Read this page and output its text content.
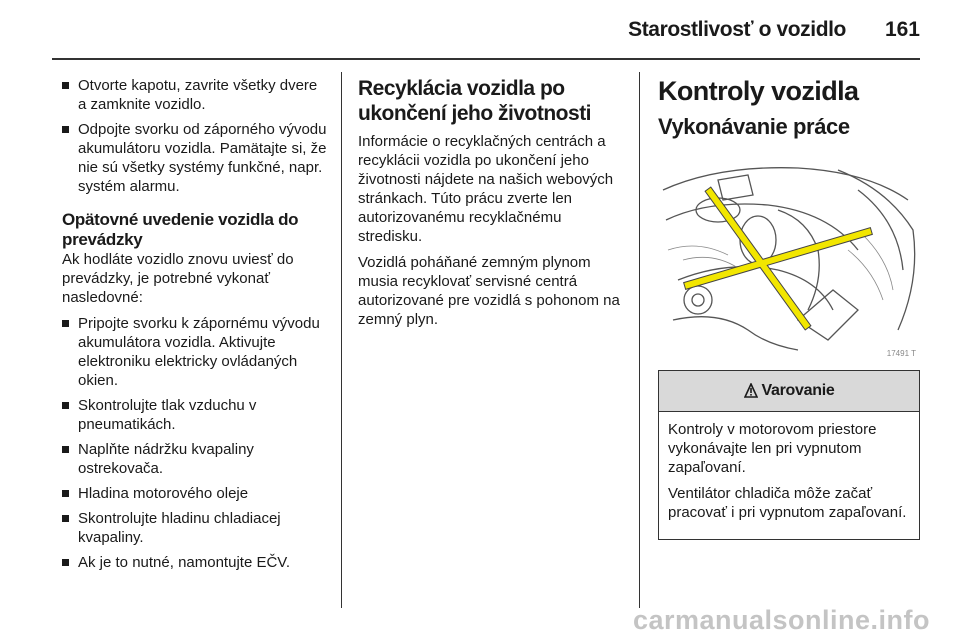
Starostlivosť o vozidlo	161
Otvorte kapotu, zavrite všetky dvere a zamknite vozidlo.
Odpojte svorku od záporného vývodu akumulátoru vozidla. Pamätajte si, že nie sú všetky systémy funkčné, napr. systém alarmu.
Opätovné uvedenie vozidla do prevádzky

Ak hodláte vozidlo znovu uviesť do prevádzky, je potrebné vykonať nasledovné:

Pripojte svorku k zápornému vývodu akumulátora vozidla. Aktivujte elektroniku elektricky ovládaných okien.
Skontrolujte tlak vzduchu v pneumatikách.
Naplňte nádržku kvapaliny ostrekovača.
Hladina motorového oleje
Skontrolujte hladinu chladiacej kvapaliny.
Ak je to nutné, namontujte EČV.
Recyklácia vozidla po ukončení jeho životnosti

Informácie o recyklačných centrách a recyklácii vozidla po ukončení jeho životnosti nájdete na našich webových stránkach. Túto prácu zverte len autorizovanému recyklačnému stredisku.

Vozidlá poháňané zemným plynom musia recyklovať servisné centrá autorizované pre vozidlá s pohonom na zemný plyn.

Kontroly vozidla
Vykonávanie práce
17491 T
Varovanie

Kontroly v motorovom priestore vykonávajte len pri vypnutom zapaľovaní.

Ventilátor chladiča môže začať pracovať i pri vypnutom zapaľovaní.

carmanualsonline.info
